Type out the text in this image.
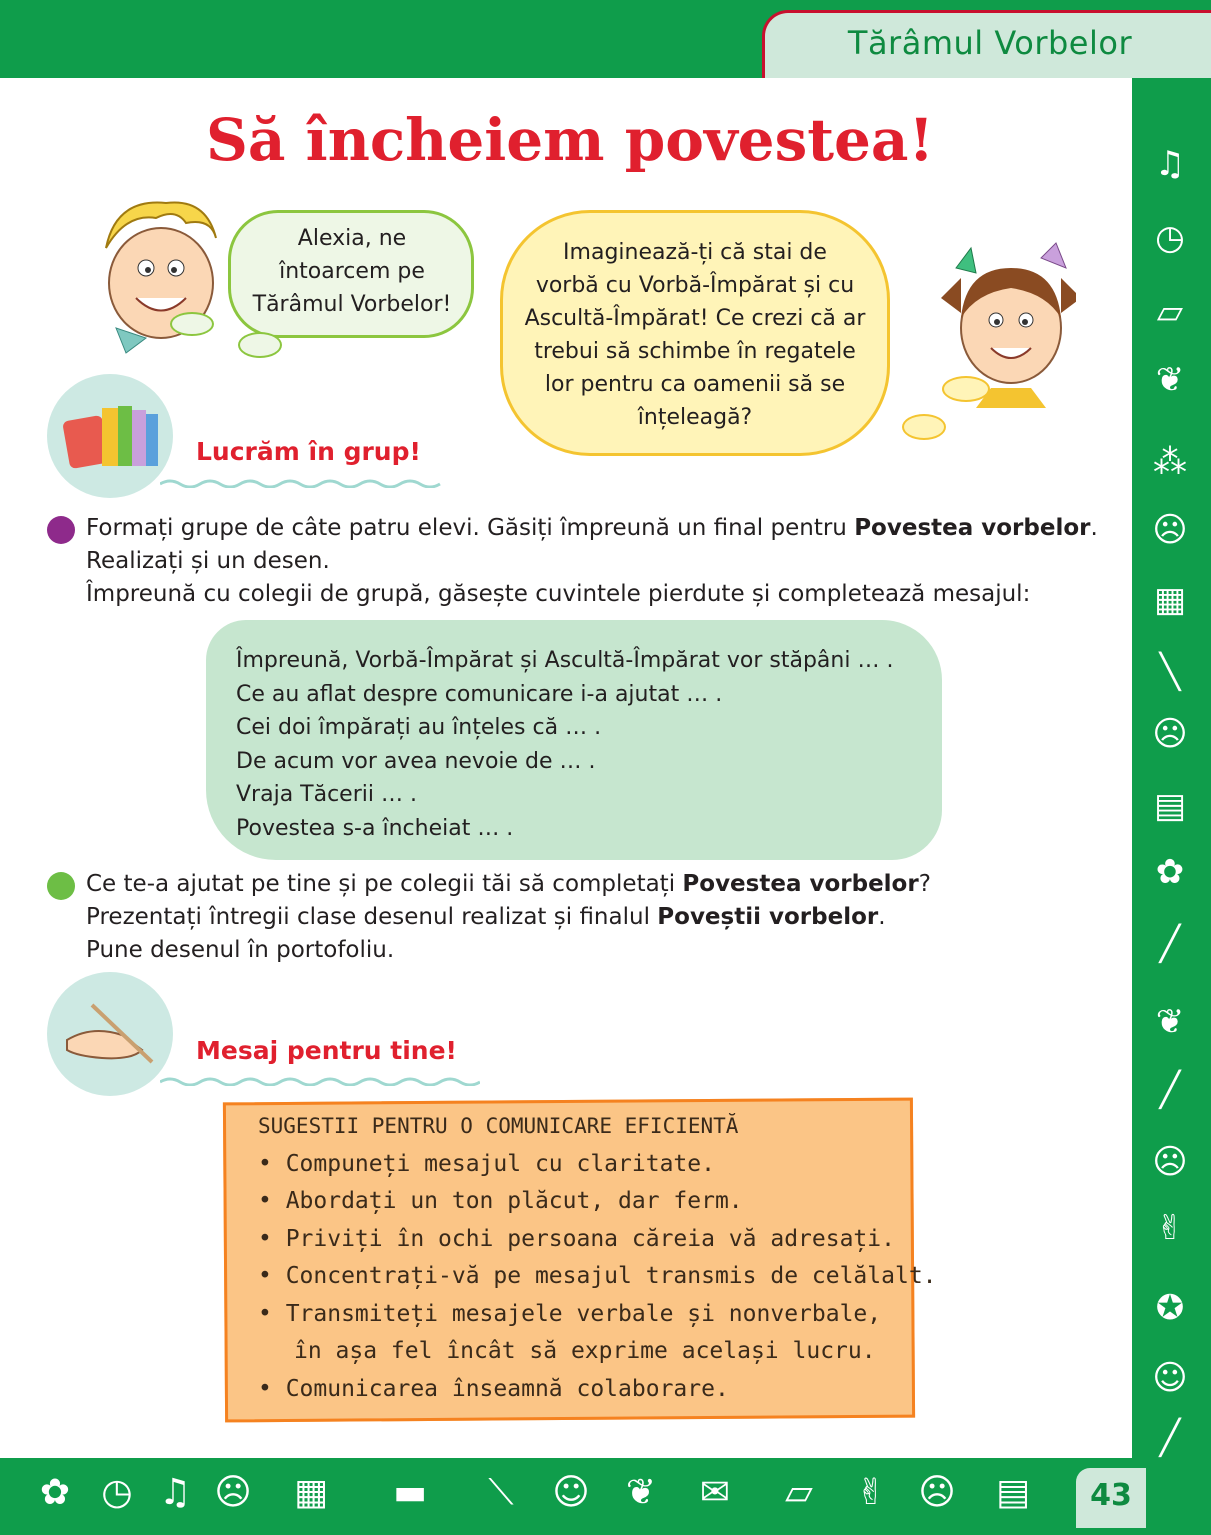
Tărâmul Vorbelor
43
Să încheiem povestea!
Alexia, ne
întoarcem pe
Tărâmul Vorbelor!
Imaginează-ți că stai de
vorbă cu Vorbă-Împărat și cu
Ascultă-Împărat! Ce crezi că ar
trebui să schimbe în regatele
lor pentru ca oamenii să se
înțeleagă?
Lucrăm în grup!
Formați grupe de câte patru elevi. Găsiți împreună un final pentru Povestea vorbelor.
Realizați și un desen.
Împreună cu colegii de grupă, găsește cuvintele pierdute și completează mesajul:
Împreună, Vorbă-Împărat și Ascultă-Împărat vor stăpâni … .
Ce au aflat despre comunicare i-a ajutat … .
Cei doi împărați au înțeles că … .
De acum vor avea nevoie de … .
Vraja Tăcerii … .
Povestea s-a încheiat … .
Ce te-a ajutat pe tine și pe colegii tăi să completați Povestea vorbelor?
Prezentați întregii clase desenul realizat și finalul Poveștii vorbelor.
Pune desenul în portofoliu.
Mesaj pentru tine!
SUGESTII PENTRU O COMUNICARE EFICIENTĂ
• Compuneți mesajul cu claritate.
• Abordați un ton plăcut, dar ferm.
• Priviți în ochi persoana căreia vă adresați.
• Concentrați-vă pe mesajul transmis de celălalt.
• Transmiteți mesajele verbale și nonverbale,
în așa fel încât să exprime același lucru.
• Comunicarea înseamnă colaborare.
♫
◷
▱
❦
⁂
☹
▦
╲
☹
▤
✿
╱
❦
╱
☹
✌
✪
☺
╱
✿ ◷ ♫ ☹ ▦	▬	⟍	☺ ❦ ✉	▱	✌ ☹ ▤
